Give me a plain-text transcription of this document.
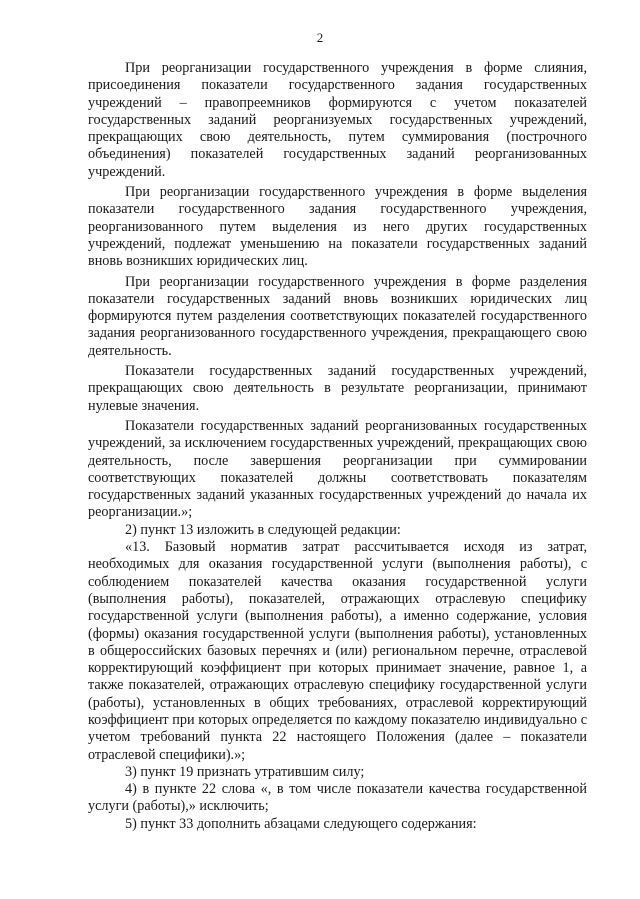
2

При реорганизации государственного учреждения в форме слияния, присоединения показатели государственного задания государственных учреждений – правопреемников формируются с учетом показателей государственных заданий реорганизуемых государственных учреждений, прекращающих свою деятельность, путем суммирования (построчного объединения) показателей государственных заданий реорганизованных учреждений.

При реорганизации государственного учреждения в форме выделения показатели государственного задания государственного учреждения, реорганизованного путем выделения из него других государственных учреждений, подлежат уменьшению на показатели государственных заданий вновь возникших юридических лиц.

При реорганизации государственного учреждения в форме разделения показатели государственных заданий вновь возникших юридических лиц формируются путем разделения соответствующих показателей государственного задания реорганизованного государственного учреждения, прекращающего свою деятельность.

Показатели государственных заданий государственных учреждений, прекращающих свою деятельность в результате реорганизации, принимают нулевые значения.

Показатели государственных заданий реорганизованных государственных учреждений, за исключением государственных учреждений, прекращающих свою деятельность, после завершения реорганизации при суммировании соответствующих показателей должны соответствовать показателям государственных заданий указанных государственных учреждений до начала их реорганизации.»;

2) пункт 13 изложить в следующей редакции:

«13. Базовый норматив затрат рассчитывается исходя из затрат, необходимых для оказания государственной услуги (выполнения работы), с соблюдением показателей качества оказания государственной услуги (выполнения работы), показателей, отражающих отраслевую специфику государственной услуги (выполнения работы), а именно содержание, условия (формы) оказания государственной услуги (выполнения работы), установленных в общероссийских базовых перечнях и (или) региональном перечне, отраслевой корректирующий коэффициент при которых принимает значение, равное 1, а также показателей, отражающих отраслевую специфику государственной услуги (работы), установленных в общих требованиях, отраслевой корректирующий коэффициент при которых определяется по каждому показателю индивидуально с учетом требований пункта 22 настоящего Положения (далее – показатели отраслевой специфики).»;

3) пункт 19 признать утратившим силу;

4) в пункте 22 слова «, в том числе показатели качества государственной услуги (работы),» исключить;

5) пункт 33 дополнить абзацами следующего содержания:
